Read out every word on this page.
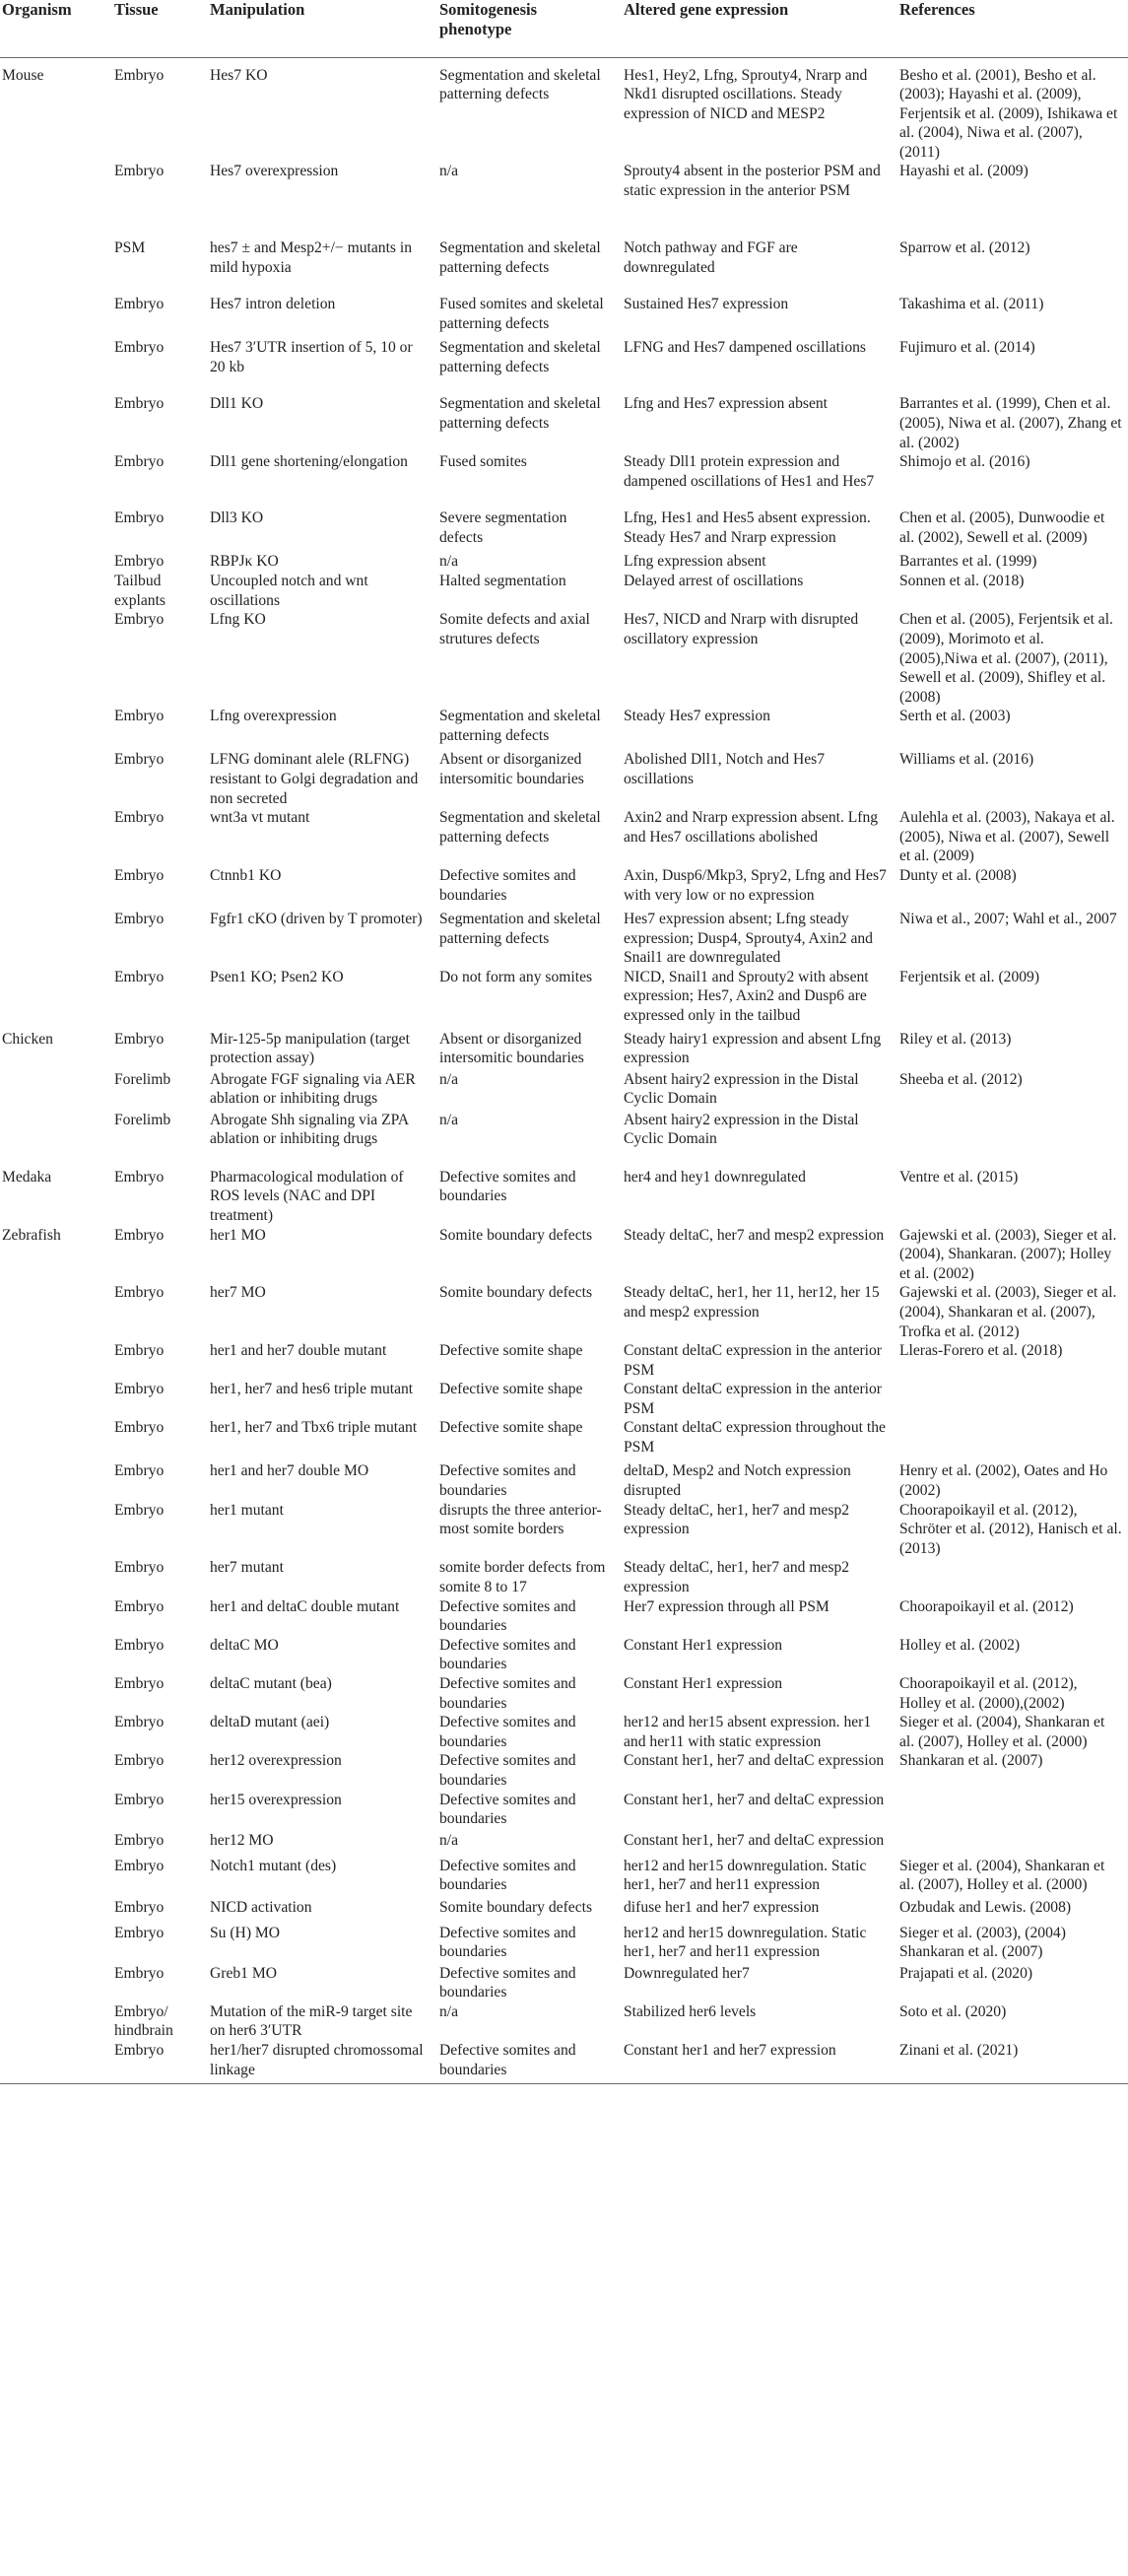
Organism	Tissue	Manipulation	Somitogenesis phenotype	Altered gene expression	References
Mouse	Embryo	Hes7 KO	Segmentation and skeletal patterning defects	Hes1, Hey2, Lfng, Sprouty4, Nrarp and Nkd1 disrupted oscillations. Steady expression of NICD and MESP2	Besho et al. (2001), Besho et al. (2003); Hayashi et al. (2009), Ferjentsik et al. (2009), Ishikawa et al. (2004), Niwa et al. (2007), (2011)
	Embryo	Hes7 overexpression	n/a	Sprouty4 absent in the posterior PSM and static expression in the anterior PSM	Hayashi et al. (2009)
	PSM	hes7 ± and Mesp2+/− mutants in mild hypoxia	Segmentation and skeletal patterning defects	Notch pathway and FGF are downregulated	Sparrow et al. (2012)
	Embryo	Hes7 intron deletion	Fused somites and skeletal patterning defects	Sustained Hes7 expression	Takashima et al. (2011)
	Embryo	Hes7 3′UTR insertion of 5, 10 or 20 kb	Segmentation and skeletal patterning defects	LFNG and Hes7 dampened oscillations	Fujimuro et al. (2014)
	Embryo	Dll1 KO	Segmentation and skeletal patterning defects	Lfng and Hes7 expression absent	Barrantes et al. (1999), Chen et al. (2005), Niwa et al. (2007), Zhang et al. (2002)
	Embryo	Dll1 gene shortening/elongation	Fused somites	Steady Dll1 protein expression and dampened oscillations of Hes1 and Hes7	Shimojo et al. (2016)
	Embryo	Dll3 KO	Severe segmentation defects	Lfng, Hes1 and Hes5 absent expression. Steady Hes7 and Nrarp expression	Chen et al. (2005), Dunwoodie et al. (2002), Sewell et al. (2009)
	Embryo	RBPJκ KO	n/a	Lfng expression absent	Barrantes et al. (1999)
	Tailbud explants	Uncoupled notch and wnt oscillations	Halted segmentation	Delayed arrest of oscillations	Sonnen et al. (2018)
	Embryo	Lfng KO	Somite defects and axial strutures defects	Hes7, NICD and Nrarp with disrupted oscillatory expression	Chen et al. (2005), Ferjentsik et al. (2009), Morimoto et al. (2005),Niwa et al. (2007), (2011), Sewell et al. (2009), Shifley et al. (2008)
	Embryo	Lfng overexpression	Segmentation and skeletal patterning defects	Steady Hes7 expression	Serth et al. (2003)
	Embryo	LFNG dominant alele (RLFNG) resistant to Golgi degradation and non secreted	Absent or disorganized intersomitic boundaries	Abolished Dll1, Notch and Hes7 oscillations	Williams et al. (2016)
	Embryo	wnt3a vt mutant	Segmentation and skeletal patterning defects	Axin2 and Nrarp expression absent. Lfng and Hes7 oscillations abolished	Aulehla et al. (2003), Nakaya et al. (2005), Niwa et al. (2007), Sewell et al. (2009)
	Embryo	Ctnnb1 KO	Defective somites and boundaries	Axin, Dusp6/Mkp3, Spry2, Lfng and Hes7 with very low or no expression	Dunty et al. (2008)
	Embryo	Fgfr1 cKO (driven by T promoter)	Segmentation and skeletal patterning defects	Hes7 expression absent; Lfng steady expression; Dusp4, Sprouty4, Axin2 and Snail1 are downregulated	Niwa et al., 2007; Wahl et al., 2007
	Embryo	Psen1 KO; Psen2 KO	Do not form any somites	NICD, Snail1 and Sprouty2 with absent expression; Hes7, Axin2 and Dusp6 are expressed only in the tailbud	Ferjentsik et al. (2009)
Chicken	Embryo	Mir-125-5p manipulation (target protection assay)	Absent or disorganized intersomitic boundaries	Steady hairy1 expression and absent Lfng expression	Riley et al. (2013)
	Forelimb	Abrogate FGF signaling via AER ablation or inhibiting drugs	n/a	Absent hairy2 expression in the Distal Cyclic Domain	Sheeba et al. (2012)
	Forelimb	Abrogate Shh signaling via ZPA ablation or inhibiting drugs	n/a	Absent hairy2 expression in the Distal Cyclic Domain	
Medaka	Embryo	Pharmacological modulation of ROS levels (NAC and DPI treatment)	Defective somites and boundaries	her4 and hey1 downregulated	Ventre et al. (2015)
Zebrafish	Embryo	her1 MO	Somite boundary defects	Steady deltaC, her7 and mesp2 expression	Gajewski et al. (2003), Sieger et al. (2004), Shankaran. (2007); Holley et al. (2002)
	Embryo	her7 MO	Somite boundary defects	Steady deltaC, her1, her 11, her12, her 15 and mesp2 expression	Gajewski et al. (2003), Sieger et al. (2004), Shankaran et al. (2007), Trofka et al. (2012)
	Embryo	her1 and her7 double mutant	Defective somite shape	Constant deltaC expression in the anterior PSM	Lleras-Forero et al. (2018)
	Embryo	her1, her7 and hes6 triple mutant	Defective somite shape	Constant deltaC expression in the anterior PSM	
	Embryo	her1, her7 and Tbx6 triple mutant	Defective somite shape	Constant deltaC expression throughout the PSM	
	Embryo	her1 and her7 double MO	Defective somites and boundaries	deltaD, Mesp2 and Notch expression disrupted	Henry et al. (2002), Oates and Ho (2002)
	Embryo	her1 mutant	disrupts the three anterior-most somite borders	Steady deltaC, her1, her7 and mesp2 expression	Choorapoikayil et al. (2012), Schröter et al. (2012), Hanisch et al. (2013)
	Embryo	her7 mutant	somite border defects from somite 8 to 17	Steady deltaC, her1, her7 and mesp2 expression	
	Embryo	her1 and deltaC double mutant	Defective somites and boundaries	Her7 expression through all PSM	Choorapoikayil et al. (2012)
	Embryo	deltaC MO	Defective somites and boundaries	Constant Her1 expression	Holley et al. (2002)
	Embryo	deltaC mutant (bea)	Defective somites and boundaries	Constant Her1 expression	Choorapoikayil et al. (2012), Holley et al. (2000),(2002)
	Embryo	deltaD mutant (aei)	Defective somites and boundaries	her12 and her15 absent expression. her1 and her11 with static expression	Sieger et al. (2004), Shankaran et al. (2007), Holley et al. (2000)
	Embryo	her12 overexpression	Defective somites and boundaries	Constant her1, her7 and deltaC expression	Shankaran et al. (2007)
	Embryo	her15 overexpression	Defective somites and boundaries	Constant her1, her7 and deltaC expression	
	Embryo	her12 MO	n/a	Constant her1, her7 and deltaC expression	
	Embryo	Notch1 mutant (des)	Defective somites and boundaries	her12 and her15 downregulation. Static her1, her7 and her11 expression	Sieger et al. (2004), Shankaran et al. (2007), Holley et al. (2000)
	Embryo	NICD activation	Somite boundary defects	difuse her1 and her7 expression	Ozbudak and Lewis. (2008)
	Embryo	Su (H) MO	Defective somites and boundaries	her12 and her15 downregulation. Static her1, her7 and her11 expression	Sieger et al. (2003), (2004) Shankaran et al. (2007)
	Embryo	Greb1 MO	Defective somites and boundaries	Downregulated her7	Prajapati et al. (2020)
	Embryo/ hindbrain	Mutation of the miR-9 target site on her6 3′UTR	n/a	Stabilized her6 levels	Soto et al. (2020)
	Embryo	her1/her7 disrupted chromossomal linkage	Defective somites and boundaries	Constant her1 and her7 expression	Zinani et al. (2021)
